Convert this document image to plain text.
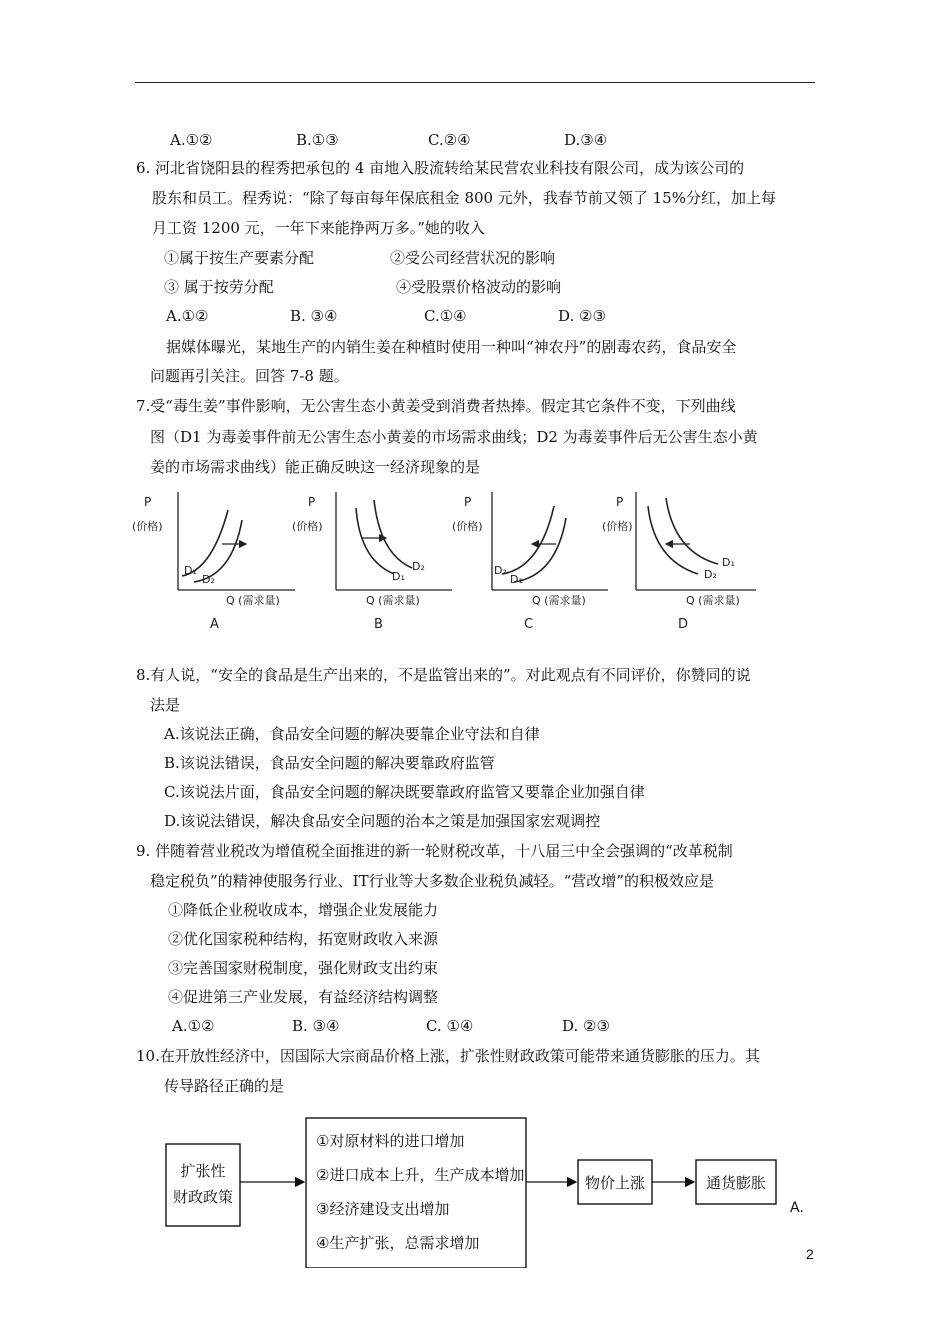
A.①②	B.①③	C.②④	D.③④
6. 河北省饶阳县的程秀把承包的 4 亩地入股流转给某民营农业科技有限公司，成为该公司的
股东和员工。程秀说：“除了每亩每年保底租金 800 元外，我春节前又领了 15%分红，加上每
月工资 1200 元，一年下来能挣两万多。”她的收入
①属于按生产要素分配	②受公司经营状况的影响
③ 属于按劳分配	④受股票价格波动的影响
A.①②	B. ③④	C.①④	D. ②③
据媒体曝光，某地生产的内销生姜在种植时使用一种叫“神农丹”的剧毒农药，食品安全
问题再引关注。回答 7-8 题。
7.受“毒生姜”事件影响，无公害生态小黄姜受到消费者热捧。假定其它条件不变，下列曲线
图（D1 为毒姜事件前无公害生态小黄姜的市场需求曲线；D2 为毒姜事件后无公害生态小黄
姜的市场需求曲线）能正确反映这一经济现象的是
P
(价格)
D₁
D₂
Q (需求量)
A
P
(价格)
D₁
D₂
Q (需求量)
B
P
(价格)
D₂
D₁
Q (需求量)
C
P
(价格)
D₂
D₁
Q (需求量)
D
8.有人说，“安全的食品是生产出来的，不是监管出来的”。对此观点有不同评价，你赞同的说
法是
A.该说法正确，食品安全问题的解决要靠企业守法和自律
B.该说法错误，食品安全问题的解决要靠政府监管
C.该说法片面，食品安全问题的解决既要靠政府监管又要靠企业加强自律
D.该说法错误，解决食品安全问题的治本之策是加强国家宏观调控
9. 伴随着营业税改为增值税全面推进的新一轮财税改革，十八届三中全会强调的“改革税制
稳定税负”的精神使服务行业、IT行业等大多数企业税负减轻。“营改增”的积极效应是
①降低企业税收成本，增强企业发展能力
②优化国家税种结构，拓宽财政收入来源
③完善国家财税制度，强化财政支出约束
④促进第三产业发展，有益经济结构调整
A.①②	B. ③④	C. ①④	D. ②③
10.在开放性经济中，因国际大宗商品价格上涨，扩张性财政政策可能带来通货膨胀的压力。其
传导路径正确的是
扩张性
财政政策
①对原材料的进口增加
②进口成本上升，生产成本增加
③经济建设支出增加
④生产扩张，总需求增加
物价上涨	通货膨胀
A.
2
